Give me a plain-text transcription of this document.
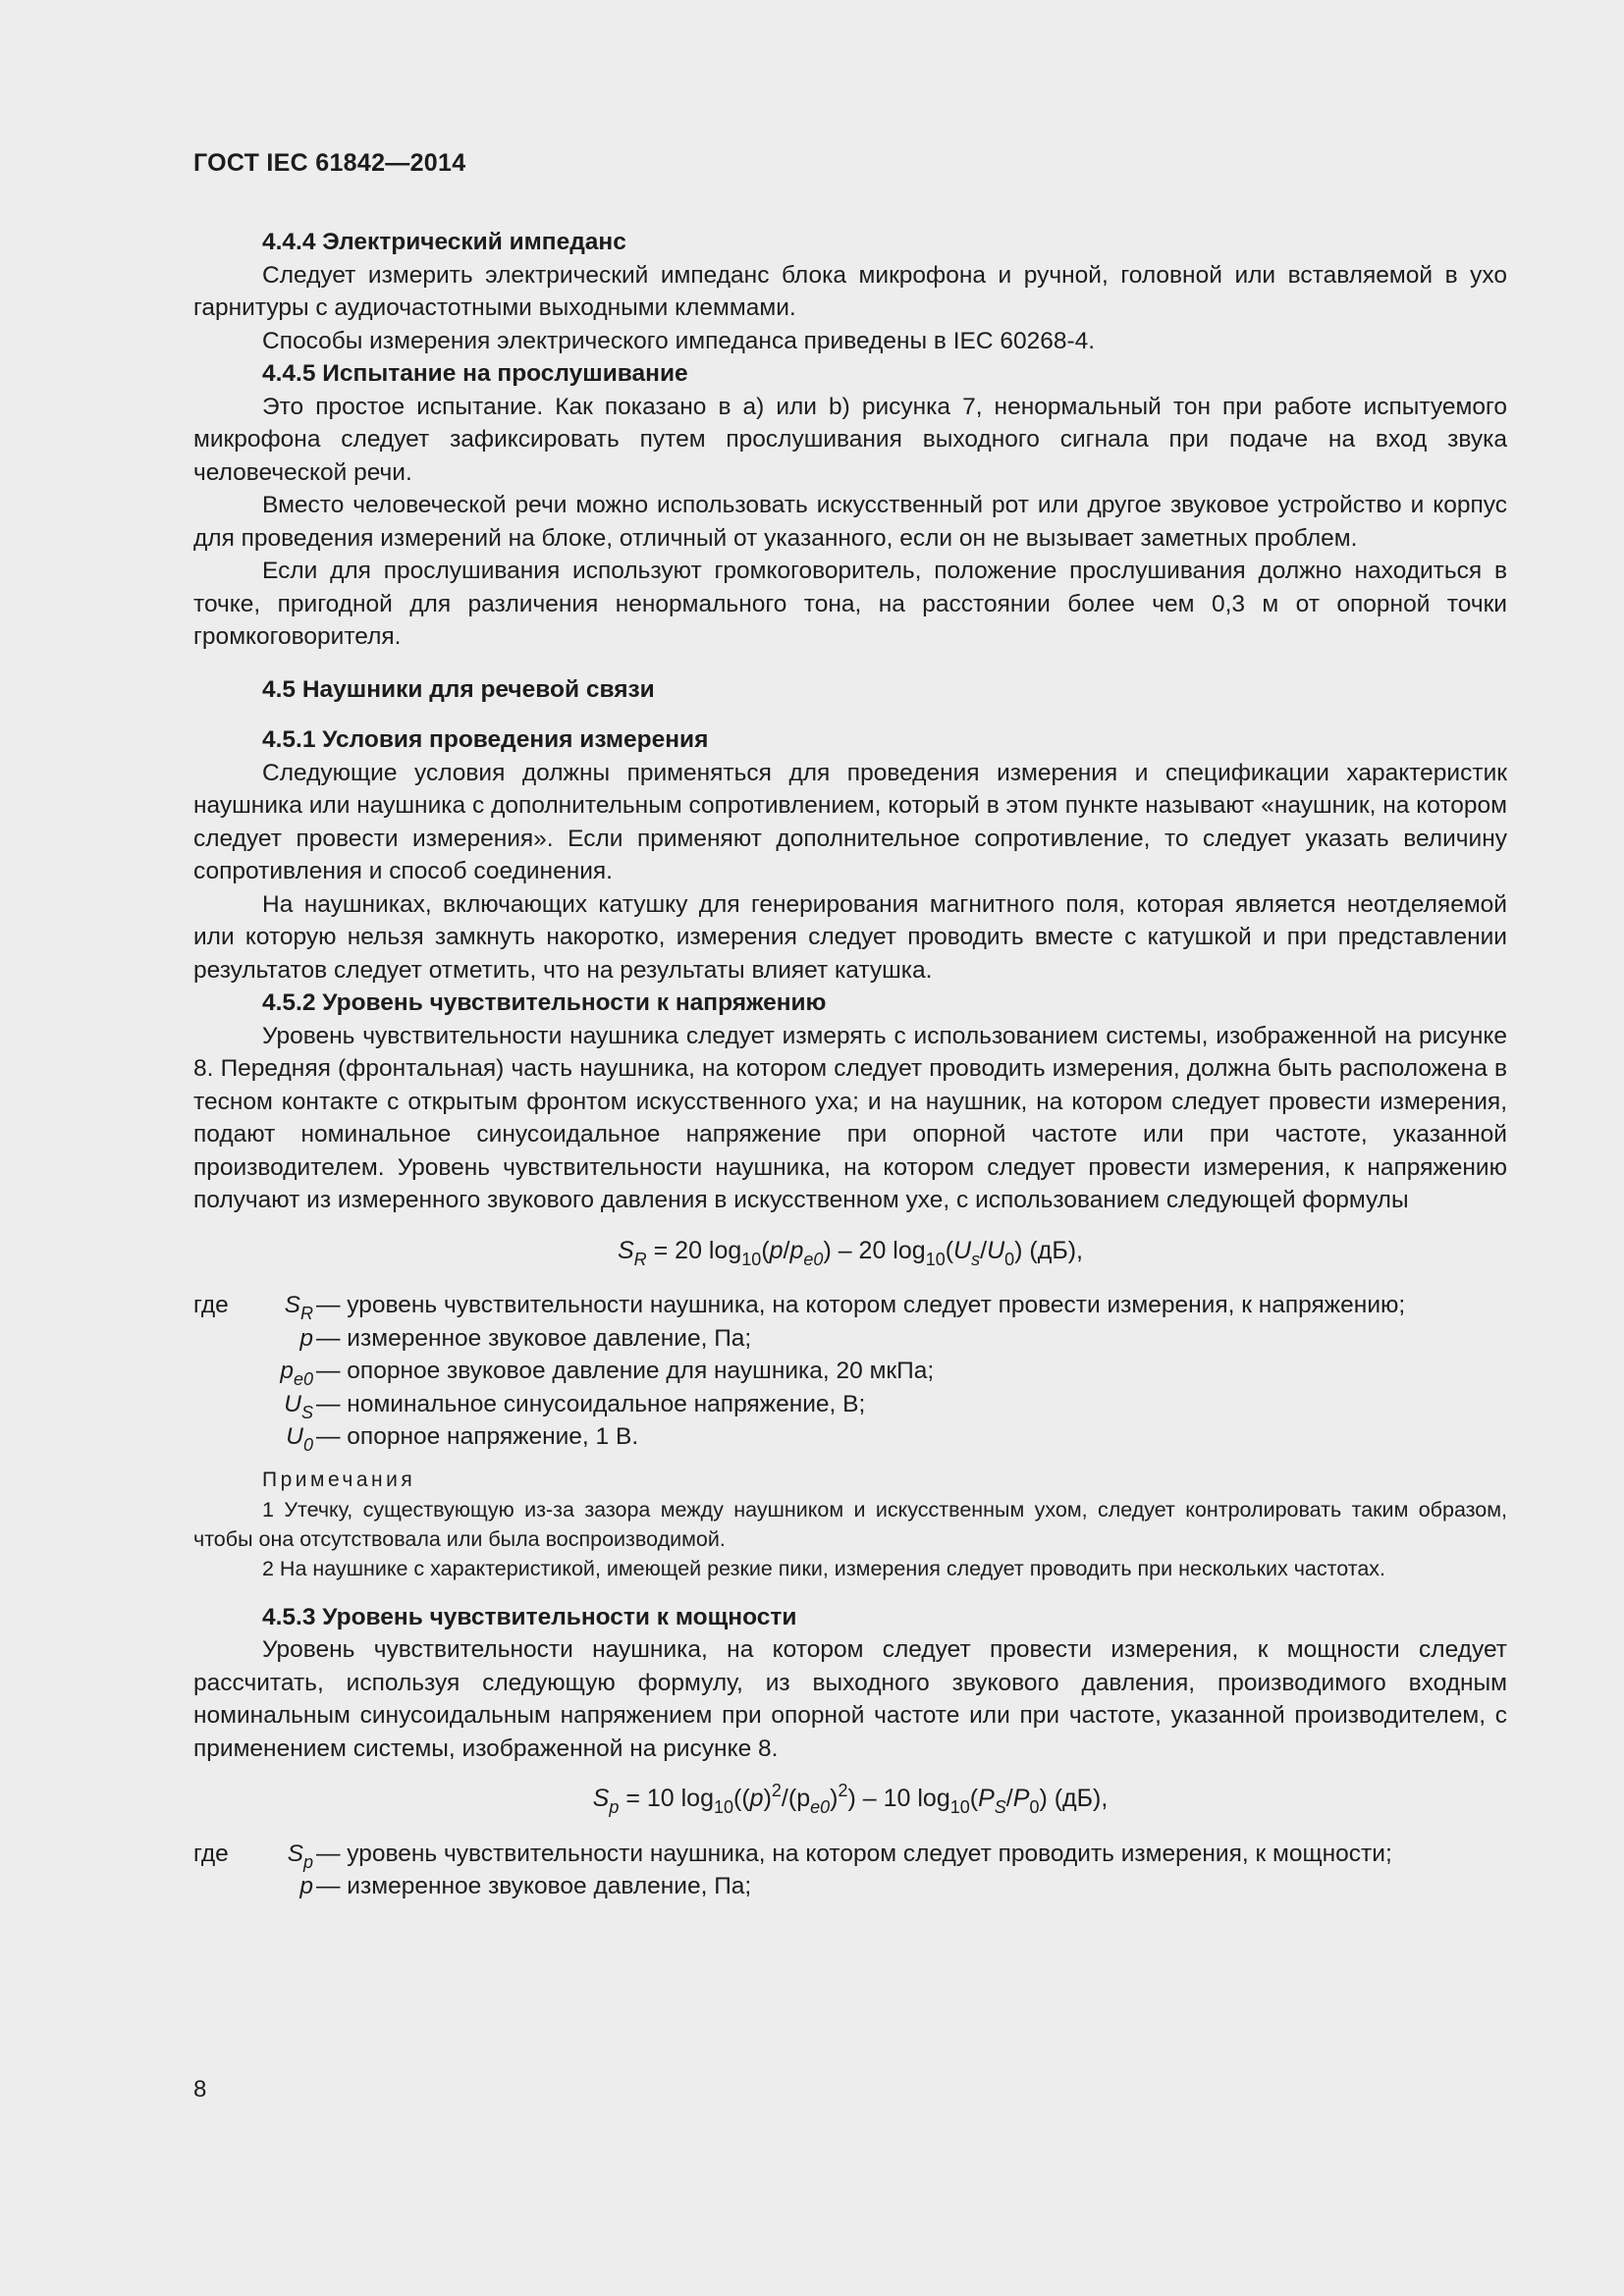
ГОСТ IEC 61842—2014
4.4.4 Электрический импеданс

Следует измерить электрический импеданс блока микрофона и ручной, головной или вставляемой в ухо гарнитуры с аудиочастотными выходными клеммами.

Способы измерения электрического импеданса приведены в IEC 60268-4.

4.4.5 Испытание на прослушивание

Это простое испытание. Как показано в а) или b) рисунка 7, ненормальный тон при работе испытуемого микрофона следует зафиксировать путем прослушивания выходного сигнала при подаче на вход звука человеческой речи.

Вместо человеческой речи можно использовать искусственный рот или другое звуковое устройство и корпус для проведения измерений на блоке, отличный от указанного, если он не вызывает заметных проблем.

Если для прослушивания используют громкоговоритель, положение прослушивания должно находиться в точке, пригодной для различения ненормального тона, на расстоянии более чем 0,3 м от опорной точки громкоговорителя.

4.5 Наушники для речевой связи
4.5.1 Условия проведения измерения

Следующие условия должны применяться для проведения измерения и спецификации характеристик наушника или наушника с дополнительным сопротивлением, который в этом пункте называют «наушник, на котором следует провести измерения». Если применяют дополнительное сопротивление, то следует указать величину сопротивления и способ соединения.

На наушниках, включающих катушку для генерирования магнитного поля, которая является неотделяемой или которую нельзя замкнуть накоротко, измерения следует проводить вместе с катушкой и при представлении результатов следует отметить, что на результаты влияет катушка.

4.5.2 Уровень чувствительности к напряжению

Уровень чувствительности наушника следует измерять с использованием системы, изображенной на рисунке 8. Передняя (фронтальная) часть наушника, на котором следует проводить измерения, должна быть расположена в тесном контакте с открытым фронтом искусственного уха; и на наушник, на котором следует провести измерения, подают номинальное синусоидальное напряжение при опорной частоте или при частоте, указанной производителем. Уровень чувствительности наушника, на котором следует провести измерения, к напряжению получают из измеренного звукового давления в искусственном ухе, с использованием следующей формулы

$S_R = 20$ $\log_{10}(p/p_{e0}) - 20$ $\log_{10}(U_s/U_0)$ (дБ),
где $S_R$ — уровень чувствительности наушника, на котором следует провести измерения, к напряжению;
p — измеренное звуковое давление, Па;
$p_{e0}$ — опорное звуковое давление для наушника, 20 мкПа;
$U_S$ — номинальное синусоидальное напряжение, В;
$U_0$ — опорное напряжение, 1 В.
Примечания

1 Утечку, существующую из-за зазора между наушником и искусственным ухом, следует контролировать таким образом, чтобы она отсутствовала или была воспроизводимой.

2 На наушнике с характеристикой, имеющей резкие пики, измерения следует проводить при нескольких частотах.

4.5.3 Уровень чувствительности к мощности

Уровень чувствительности наушника, на котором следует провести измерения, к мощности следует рассчитать, используя следующую формулу, из выходного звукового давления, производимого входным номинальным синусоидальным напряжением при опорной частоте или при частоте, указанной производителем, с применением системы, изображенной на рисунке 8.

$S_p = 10$ $\log_{10}((p)^2/(p_{e0})^2) - 10$ $\log_{10}(P_S/P_0)$ (дБ),
где $S_p$ — уровень чувствительности наушника, на котором следует проводить измерения, к мощности;
p — измеренное звуковое давление, Па;
8
